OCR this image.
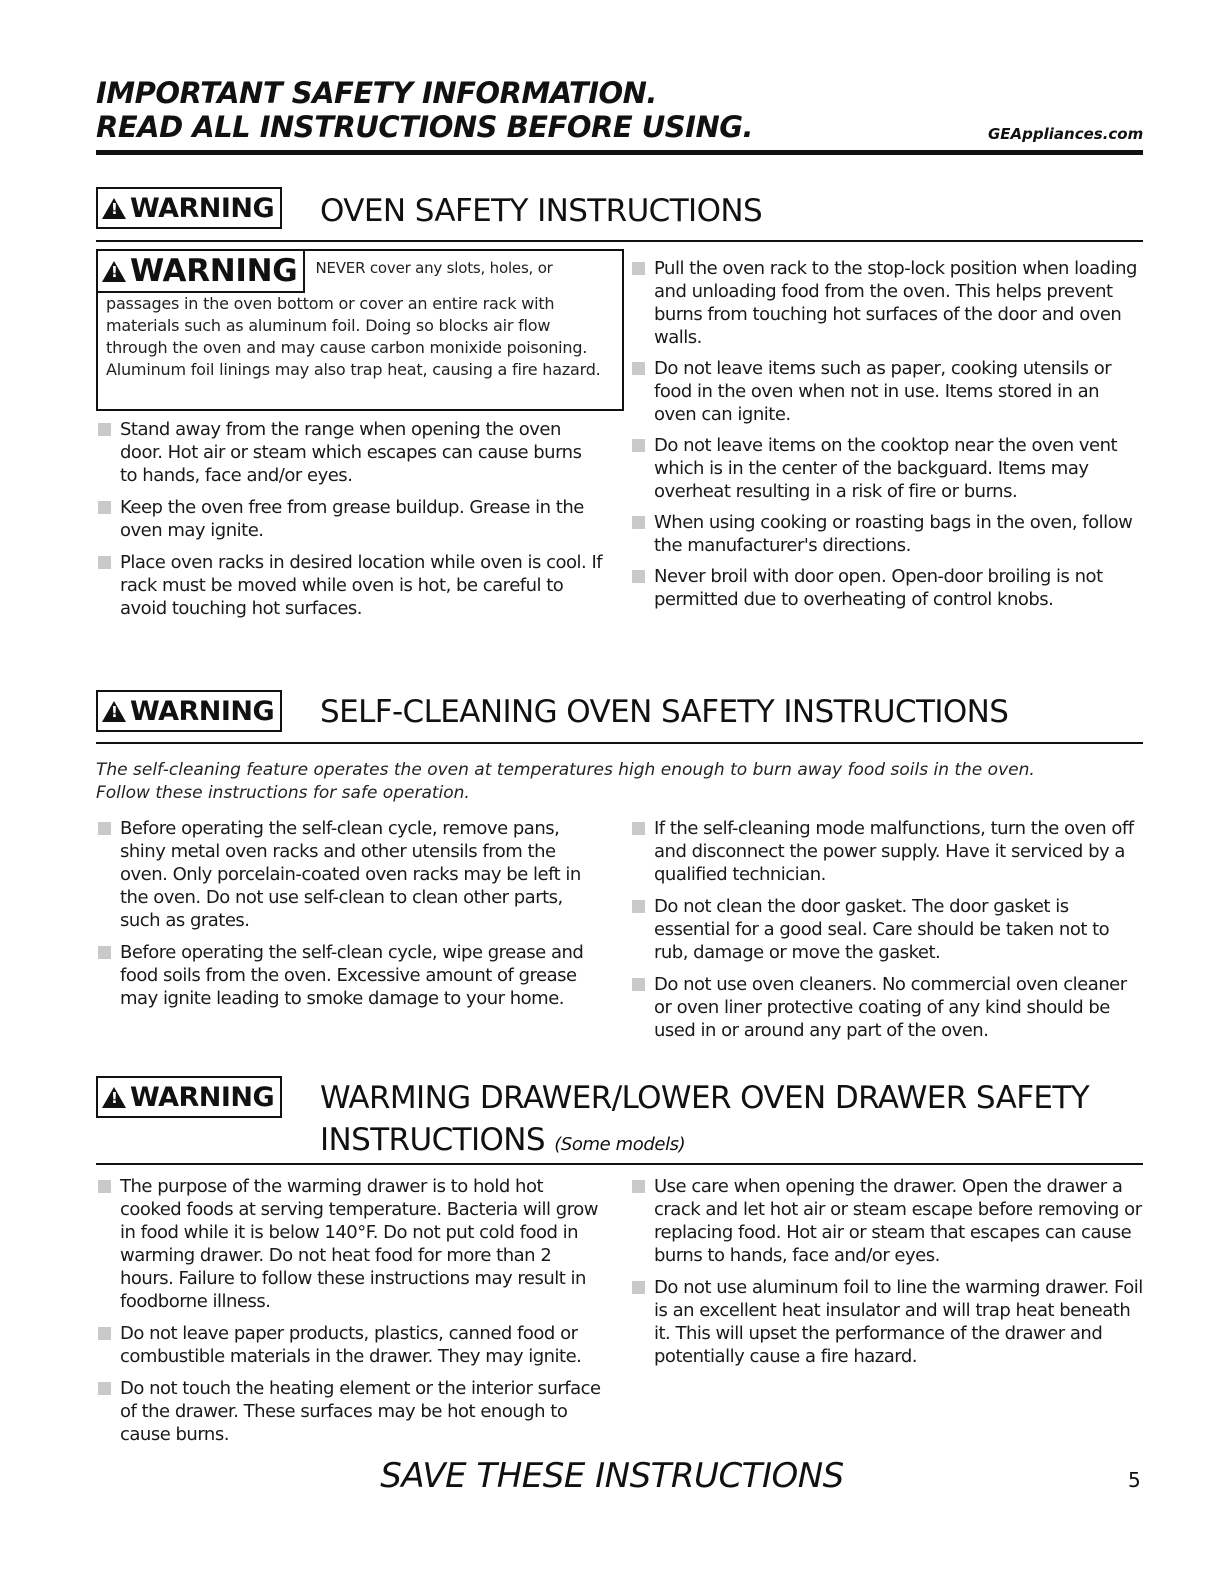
IMPORTANT SAFETY INFORMATION.
READ ALL INSTRUCTIONS BEFORE USING.	GEAppliances.com
!
WARNING OVEN SAFETY INSTRUCTIONS
!
WARNING NEVER cover any slots, holes, or
passages in the oven bottom or cover an entire rack with materials such as aluminum foil. Doing so blocks air flow through the oven and may cause carbon monixide poisoning. Aluminum foil linings may also trap heat, causing a fire hazard.
Stand away from the range when opening the oven door. Hot air or steam which escapes can cause burns to hands, face and/or eyes.
Keep the oven free from grease buildup. Grease in the oven may ignite.
Place oven racks in desired location while oven is cool. If rack must be moved while oven is hot, be careful to avoid touching hot surfaces.
Pull the oven rack to the stop-lock position when loading and unloading food from the oven. This helps prevent burns from touching hot surfaces of the door and oven walls.
Do not leave items such as paper, cooking utensils or food in the oven when not in use. Items stored in an oven can ignite.
Do not leave items on the cooktop near the oven vent which is in the center of the backguard. Items may overheat resulting in a risk of fire or burns.
When using cooking or roasting bags in the oven, follow the manufacturer's directions.
Never broil with door open. Open-door broiling is not permitted due to overheating of control knobs.
!
WARNING SELF-CLEANING OVEN SAFETY INSTRUCTIONS
The self-cleaning feature operates the oven at temperatures high enough to burn away food soils in the oven.
Follow these instructions for safe operation.
Before operating the self-clean cycle, remove pans, shiny metal oven racks and other utensils from the oven. Only porcelain-coated oven racks may be left in the oven. Do not use self-clean to clean other parts, such as grates.
Before operating the self-clean cycle, wipe grease and food soils from the oven. Excessive amount of grease may ignite leading to smoke damage to your home.
If the self-cleaning mode malfunctions, turn the oven off and disconnect the power supply. Have it serviced by a qualified technician.
Do not clean the door gasket. The door gasket is essential for a good seal. Care should be taken not to rub, damage or move the gasket.
Do not use oven cleaners. No commercial oven cleaner or oven liner protective coating of any kind should be used in or around any part of the oven.
!
WARNING WARMING DRAWER/LOWER OVEN DRAWER SAFETY
INSTRUCTIONS (Some models)
The purpose of the warming drawer is to hold hot cooked foods at serving temperature. Bacteria will grow in food while it is below 140°F. Do not put cold food in warming drawer. Do not heat food for more than 2 hours. Failure to follow these instructions may result in foodborne illness.
Do not leave paper products, plastics, canned food or combustible materials in the drawer. They may ignite.
Do not touch the heating element or the interior surface of the drawer. These surfaces may be hot enough to cause burns.
Use care when opening the drawer. Open the drawer a crack and let hot air or steam escape before removing or replacing food. Hot air or steam that escapes can cause burns to hands, face and/or eyes.
Do not use aluminum foil to line the warming drawer. Foil is an excellent heat insulator and will trap heat beneath it. This will upset the performance of the drawer and potentially cause a fire hazard.
SAVE THESE INSTRUCTIONS	5
